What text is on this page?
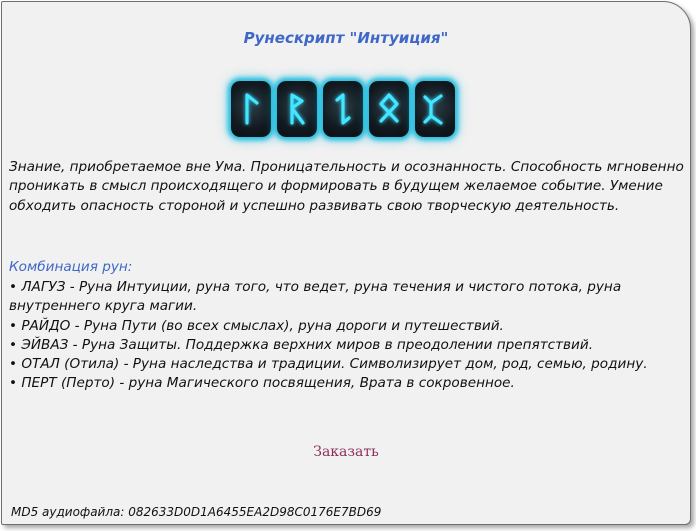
Рунескрипт "Интуиция"
Знание, приобретаемое вне Ума. Проницательность и осознанность. Способность мгновенно проникать в смысл происходящего и формировать в будущем желаемое событие. Умение обходить опасность стороной и успешно развивать свою творческую деятельность.
Комбинация рун:
• ЛАГУЗ - Руна Интуиции, руна того, что ведет, руна течения и чистого потока, руна внутреннего круга магии.
• РАЙДО - Руна Пути (во всех смыслах), руна дороги и путешествий.
• ЭЙВАЗ - Руна Защиты. Поддержка верхних миров в преодолении препятствий.
• ОТАЛ (Отила) - Руна наследства и традиции. Символизирует дом, род, семью, родину.
• ПЕРТ (Перто) - руна Магического посвящения, Врата в сокровенное.
Заказать
MD5 аудиофайла: 082633D0D1A6455EA2D98C0176E7BD69
